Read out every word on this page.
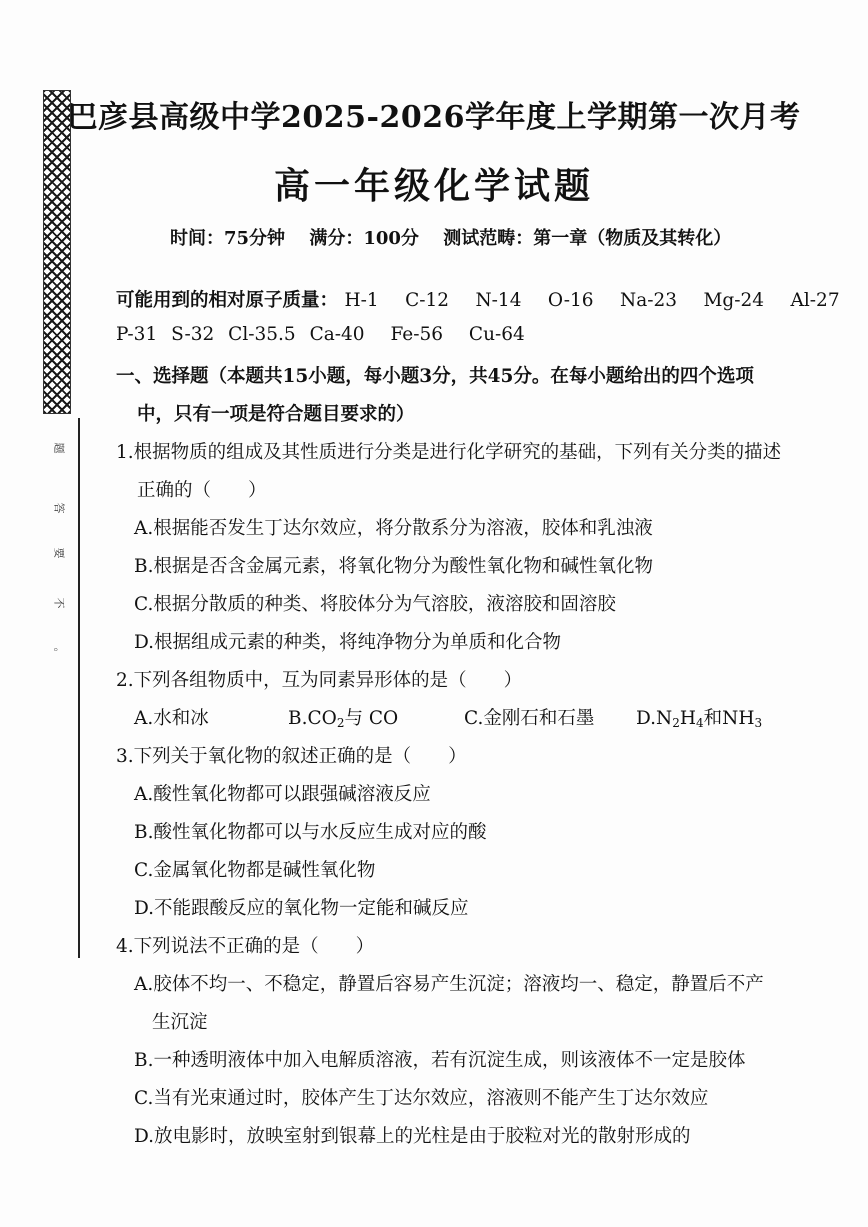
题
答
要
不
。
巴彦县高级中学2025-2026学年度上学期第一次月考
高一年级化学试题
时间：75分钟 满分：100分 测试范畴：第一章（物质及其转化）
可能用到的相对原子质量： H-1 C-12 N-14 O-16 Na-23 Mg-24 Al-27
P-31 S-32 Cl-35.5 Ca-40 Fe-56 Cu-64
一、选择题（本题共15小题，每小题3分，共45分。在每小题给出的四个选项
中，只有一项是符合题目要求的）
1.根据物质的组成及其性质进行分类是进行化学研究的基础，下列有关分类的描述
正确的（　　）
A.根据能否发生丁达尔效应，将分散系分为溶液，胶体和乳浊液
B.根据是否含金属元素，将氧化物分为酸性氧化物和碱性氧化物
C.根据分散质的种类、将胶体分为气溶胶，液溶胶和固溶胶
D.根据组成元素的种类，将纯净物分为单质和化合物
2.下列各组物质中，互为同素异形体的是（　　）
A.水和冰	$B.CO_2$与 CO	C.金刚石和石墨 $D.N_2H_4$和$NH_3$
3.下列关于氧化物的叙述正确的是（　　）
A.酸性氧化物都可以跟强碱溶液反应
B.酸性氧化物都可以与水反应生成对应的酸
C.金属氧化物都是碱性氧化物
D.不能跟酸反应的氧化物一定能和碱反应
4.下列说法不正确的是（　　）
A.胶体不均一、不稳定，静置后容易产生沉淀；溶液均一、稳定，静置后不产
生沉淀
B.一种透明液体中加入电解质溶液，若有沉淀生成，则该液体不一定是胶体
C.当有光束通过时，胶体产生丁达尔效应，溶液则不能产生丁达尔效应
D.放电影时，放映室射到银幕上的光柱是由于胶粒对光的散射形成的
